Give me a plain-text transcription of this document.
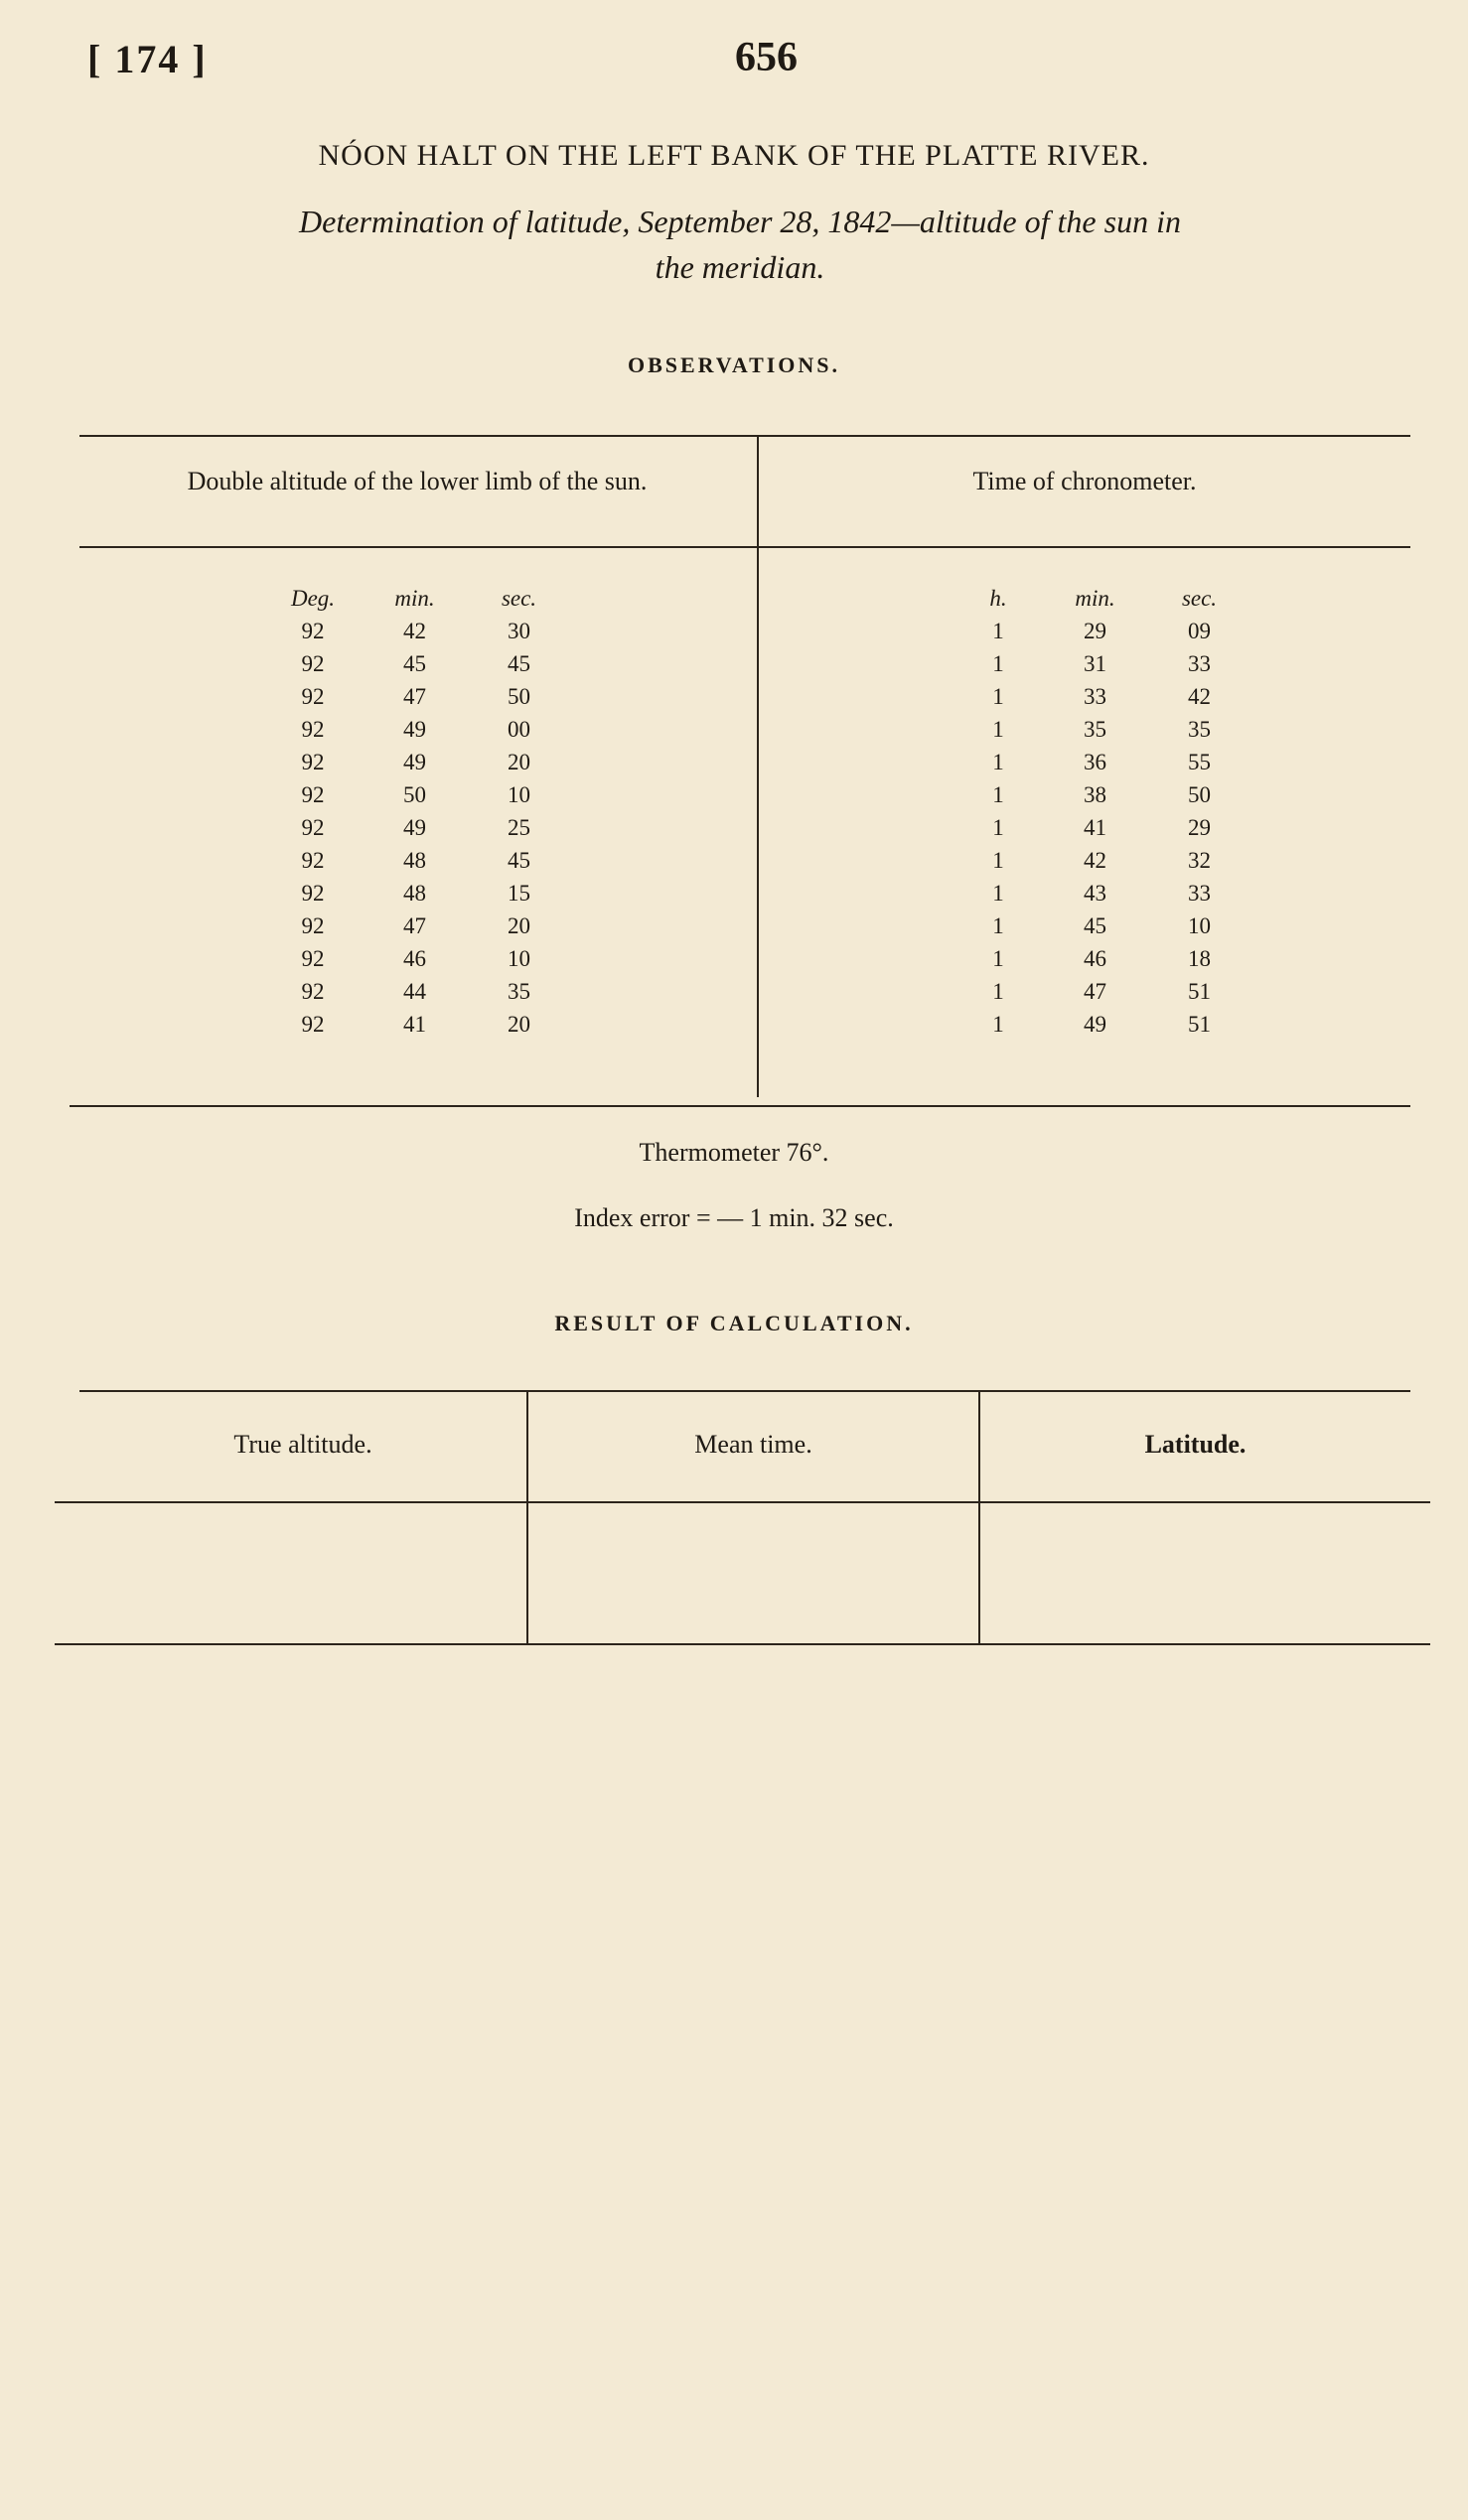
[ 174 ]	656
NÓON HALT ON THE LEFT BANK OF THE PLATTE RIVER.
Determination of latitude, September 28, 1842—altitude of the sun in
the meridian.
OBSERVATIONS.
Double altitude of the lower limb of the sun.	Time of chronometer.
Deg.	min.	sec.
92	42	30
92	45	45
92	47	50
92	49	00
92	49	20
92	50	10
92	49	25
92	48	45
92	48	15
92	47	20
92	46	10
92	44	35
92	41	20
h.	min.	sec.
1	29	09
1	31	33
1	33	42
1	35	35
1	36	55
1	38	50
1	41	29
1	42	32
1	43	33
1	45	10
1	46	18
1	47	51
1	49	51
Thermometer 76°.
Index error = — 1 min. 32 sec.
RESULT OF CALCULATION.
True altitude.	Mean time.	Latitude.
